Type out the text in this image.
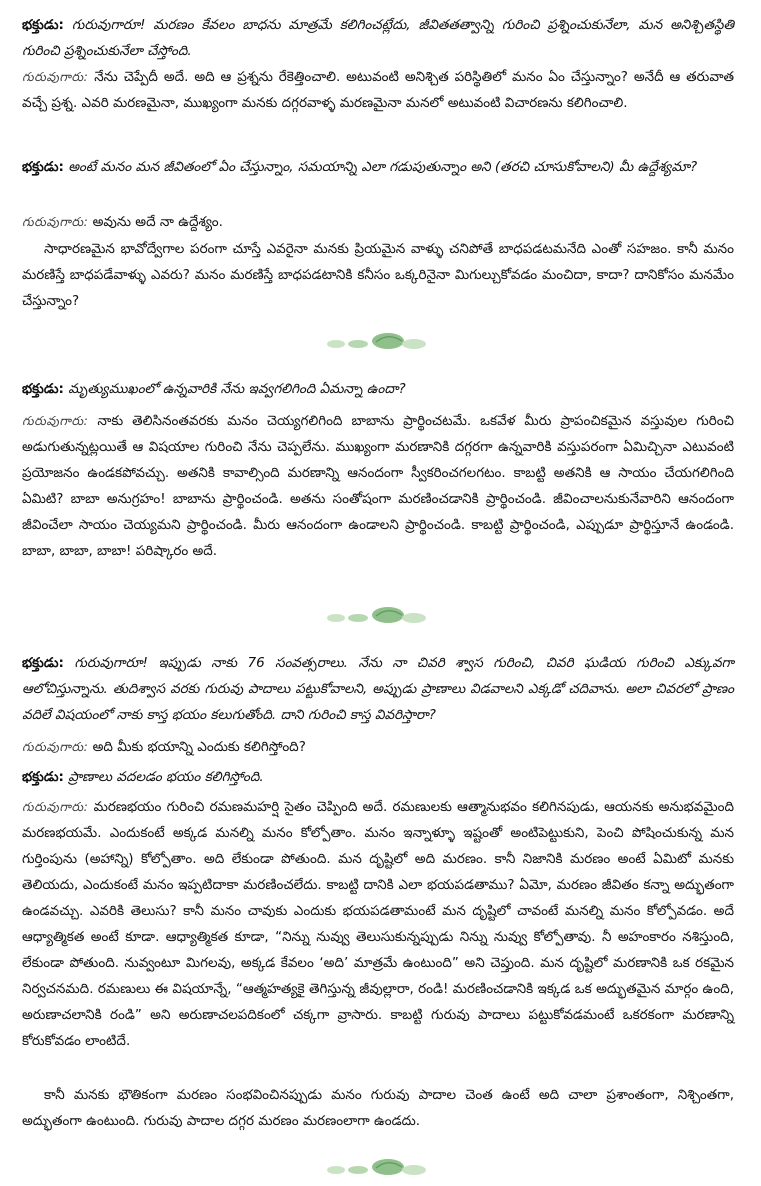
భక్తుడు: గురువుగారూ! మరణం కేవలం బాధను మాత్రమే కలిగించట్లేదు, జీవితతత్వాన్ని గురించి ప్రశ్నించుకునేలా, మన అనిశ్చితస్థితి గురించి ప్రశ్నించుకునేలా చేస్తోంది.

గురువుగారు: నేను చెప్పేదీ అదే. అది ఆ ప్రశ్నను రేకెత్తించాలి. అటువంటి అనిశ్చిత పరిస్థితిలో మనం ఏం చేస్తున్నాం? అనేదీ ఆ తరువాత వచ్చే ప్రశ్న. ఎవరి మరణమైనా, ముఖ్యంగా మనకు దగ్గరవాళ్ళ మరణమైనా మనలో అటువంటి విచారణను కలిగించాలి.

భక్తుడు: అంటే మనం మన జీవితంలో ఏం చేస్తున్నాం, సమయాన్ని ఎలా గడుపుతున్నాం అని (తరచి చూసుకోవాలని) మీ ఉద్దేశ్యమా?

గురువుగారు: అవును అదే నా ఉద్దేశ్యం.

సాధారణమైన భావోద్వేగాల పరంగా చూస్తే ఎవరైనా మనకు ప్రియమైన వాళ్ళు చనిపోతే బాధపడటమనేది ఎంతో సహజం. కానీ మనం మరణిస్తే బాధపడేవాళ్ళు ఎవరు? మనం మరణిస్తే బాధపడటానికి కనీసం ఒక్కరినైనా మిగుల్చుకోవడం మంచిదా, కాదా? దానికోసం మనమేం చేస్తున్నాం?

భక్తుడు: మృత్యుముఖంలో ఉన్నవారికి నేను ఇవ్వగలిగింది ఏమన్నా ఉందా?

గురువుగారు: నాకు తెలిసినంతవరకు మనం చెయ్యగలిగింది బాబాను ప్రార్థించటమే. ఒకవేళ మీరు ప్రాపంచికమైన వస్తువుల గురించి అడుగుతున్నట్లయితే ఆ విషయాల గురించి నేను చెప్పలేను. ముఖ్యంగా మరణానికి దగ్గరగా ఉన్నవారికి వస్తుపరంగా ఏమిచ్చినా ఎటువంటి ప్రయోజనం ఉండకపోవచ్చు. అతనికి కావాల్సింది మరణాన్ని ఆనందంగా స్వీకరించగలగటం. కాబట్టి అతనికి ఆ సాయం చేయగలిగింది ఏమిటి? బాబా అనుగ్రహం! బాబాను ప్రార్థించండి. అతను సంతోషంగా మరణించడానికి ప్రార్థించండి. జీవించాలనుకునేవారిని ఆనందంగా జీవించేలా సాయం చెయ్యమని ప్రార్థించండి. మీరు ఆనందంగా ఉండాలని ప్రార్థించండి. కాబట్టి ప్రార్థించండి, ఎప్పుడూ ప్రార్థిస్తూనే ఉండండి. బాబా, బాబా, బాబా! పరిష్కారం అదే.

భక్తుడు: గురువుగారూ! ఇప్పుడు నాకు 76 సంవత్సరాలు. నేను నా చివరి శ్వాస గురించి, చివరి ఘడియ గురించి ఎక్కువగా ఆలోచిస్తున్నాను. తుదిశ్వాస వరకు గురువు పాదాలు పట్టుకోవాలని, అప్పుడు ప్రాణాలు విడవాలని ఎక్కడో చదివాను. అలా చివరలో ప్రాణం వదిలే విషయంలో నాకు కాస్త భయం కలుగుతోంది. దాని గురించి కాస్త వివరిస్తారా?

గురువుగారు: అది మీకు భయాన్ని ఎందుకు కలిగిస్తోంది?

భక్తుడు: ప్రాణాలు వదలడం భయం కలిగిస్తోంది.

గురువుగారు: మరణభయం గురించి రమణమహర్షి సైతం చెప్పింది అదే. రమణులకు ఆత్మానుభవం కలిగినపుడు, ఆయనకు అనుభవమైంది మరణభయమే. ఎందుకంటే అక్కడ మనల్ని మనం కోల్పోతాం. మనం ఇన్నాళ్ళూ ఇష్టంతో అంటిపెట్టుకుని, పెంచి పోషించుకున్న మన గుర్తింపును (అహాన్ని) కోల్పోతాం. అది లేకుండా పోతుంది. మన దృష్టిలో అది మరణం. కానీ నిజానికి మరణం అంటే ఏమిటో మనకు తెలియదు, ఎందుకంటే మనం ఇప్పటిదాకా మరణించలేదు. కాబట్టి దానికి ఎలా భయపడతాము? ఏమో, మరణం జీవితం కన్నా అద్భుతంగా ఉండవచ్చు. ఎవరికి తెలుసు? కానీ మనం చావుకు ఎందుకు భయపడతామంటే మన దృష్టిలో చావంటే మనల్ని మనం కోల్పోవడం. అదే ఆధ్యాత్మికత అంటే కూడా. ఆధ్యాత్మికత కూడా, “నిన్ను నువ్వు తెలుసుకున్నప్పుడు నిన్ను నువ్వు కోల్పోతావు. నీ అహంకారం నశిస్తుంది, లేకుండా పోతుంది. నువ్వంటూ మిగలవు, అక్కడ కేవలం ‘అది’ మాత్రమే ఉంటుంది” అని చెప్తుంది. మన దృష్టిలో మరణానికి ఒక రకమైన నిర్వచనమది. రమణులు ఈ విషయాన్నే, “ఆత్మహత్యకై తెగిస్తున్న జీవుల్లారా, రండి! మరణించడానికి ఇక్కడ ఒక అద్భుతమైన మార్గం ఉంది, అరుణాచలానికి రండి” అని అరుణాచలపదికంలో చక్కగా వ్రాసారు. కాబట్టి గురువు పాదాలు పట్టుకోవడమంటే ఒకరకంగా మరణాన్ని కోరుకోవడం లాంటిదే.

కానీ మనకు భౌతికంగా మరణం సంభవించినప్పుడు మనం గురువు పాదాల చెంత ఉంటే అది చాలా ప్రశాంతంగా, నిశ్చింతగా, అద్భుతంగా ఉంటుంది. గురువు పాదాల దగ్గర మరణం మరణంలాగా ఉండదు.
